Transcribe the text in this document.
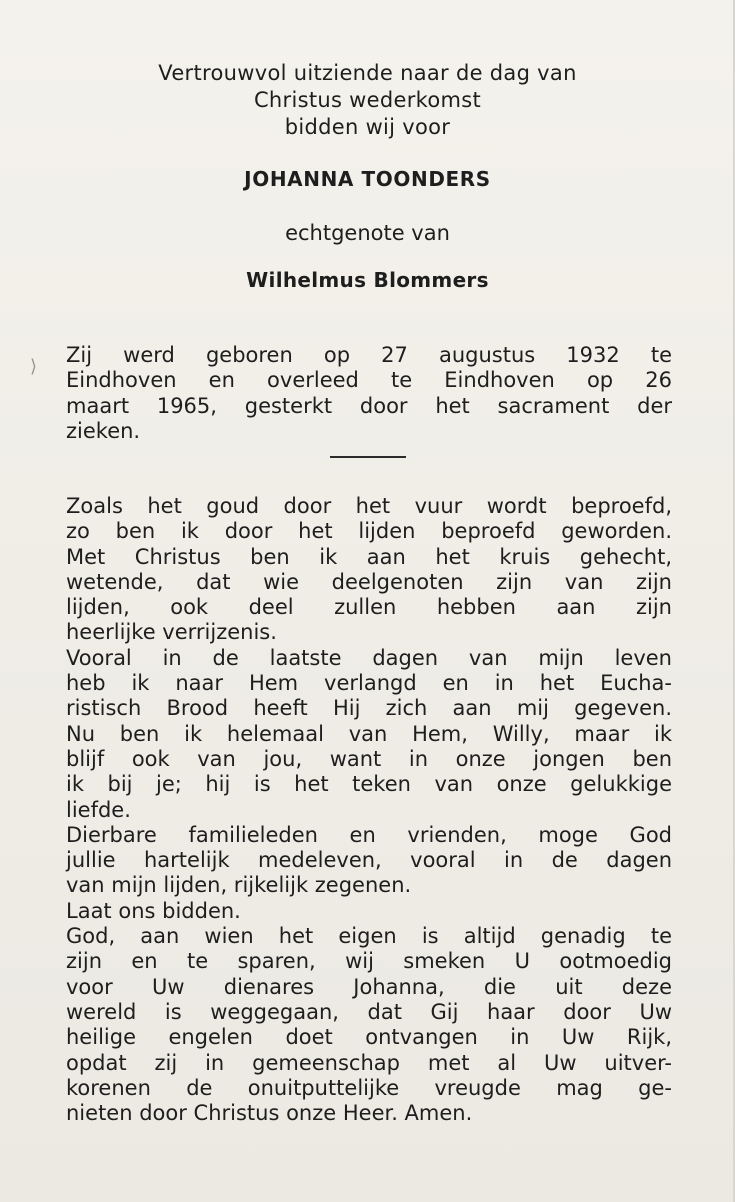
Vertrouwvol uitziende naar de dag van
Christus wederkomst
bidden wij voor
JOHANNA TOONDERS
echtgenote van
Wilhelmus Blommers
⟩ Zij werd geboren op 27 augustus 1932 te
Eindhoven en overleed te Eindhoven op 26
maart 1965, gesterkt door het sacrament der
zieken.
Zoals het goud door het vuur wordt beproefd,
zo ben ik door het lijden beproefd geworden.
Met Christus ben ik aan het kruis gehecht,
wetende, dat wie deelgenoten zijn van zijn
lijden, ook deel zullen hebben aan zijn
heerlijke verrijzenis.
Vooral in de laatste dagen van mijn leven
heb ik naar Hem verlangd en in het Eucha-
ristisch Brood heeft Hij zich aan mij gegeven.
Nu ben ik helemaal van Hem, Willy, maar ik
blijf ook van jou, want in onze jongen ben
ik bij je; hij is het teken van onze gelukkige
liefde.
Dierbare familieleden en vrienden, moge God
jullie hartelijk medeleven, vooral in de dagen
van mijn lijden, rijkelijk zegenen.
Laat ons bidden.
God, aan wien het eigen is altijd genadig te
zijn en te sparen, wij smeken U ootmoedig
voor Uw dienares Johanna, die uit deze
wereld is weggegaan, dat Gij haar door Uw
heilige engelen doet ontvangen in Uw Rijk,
opdat zij in gemeenschap met al Uw uitver-
korenen de onuitputtelijke vreugde mag ge-
nieten door Christus onze Heer. Amen.
